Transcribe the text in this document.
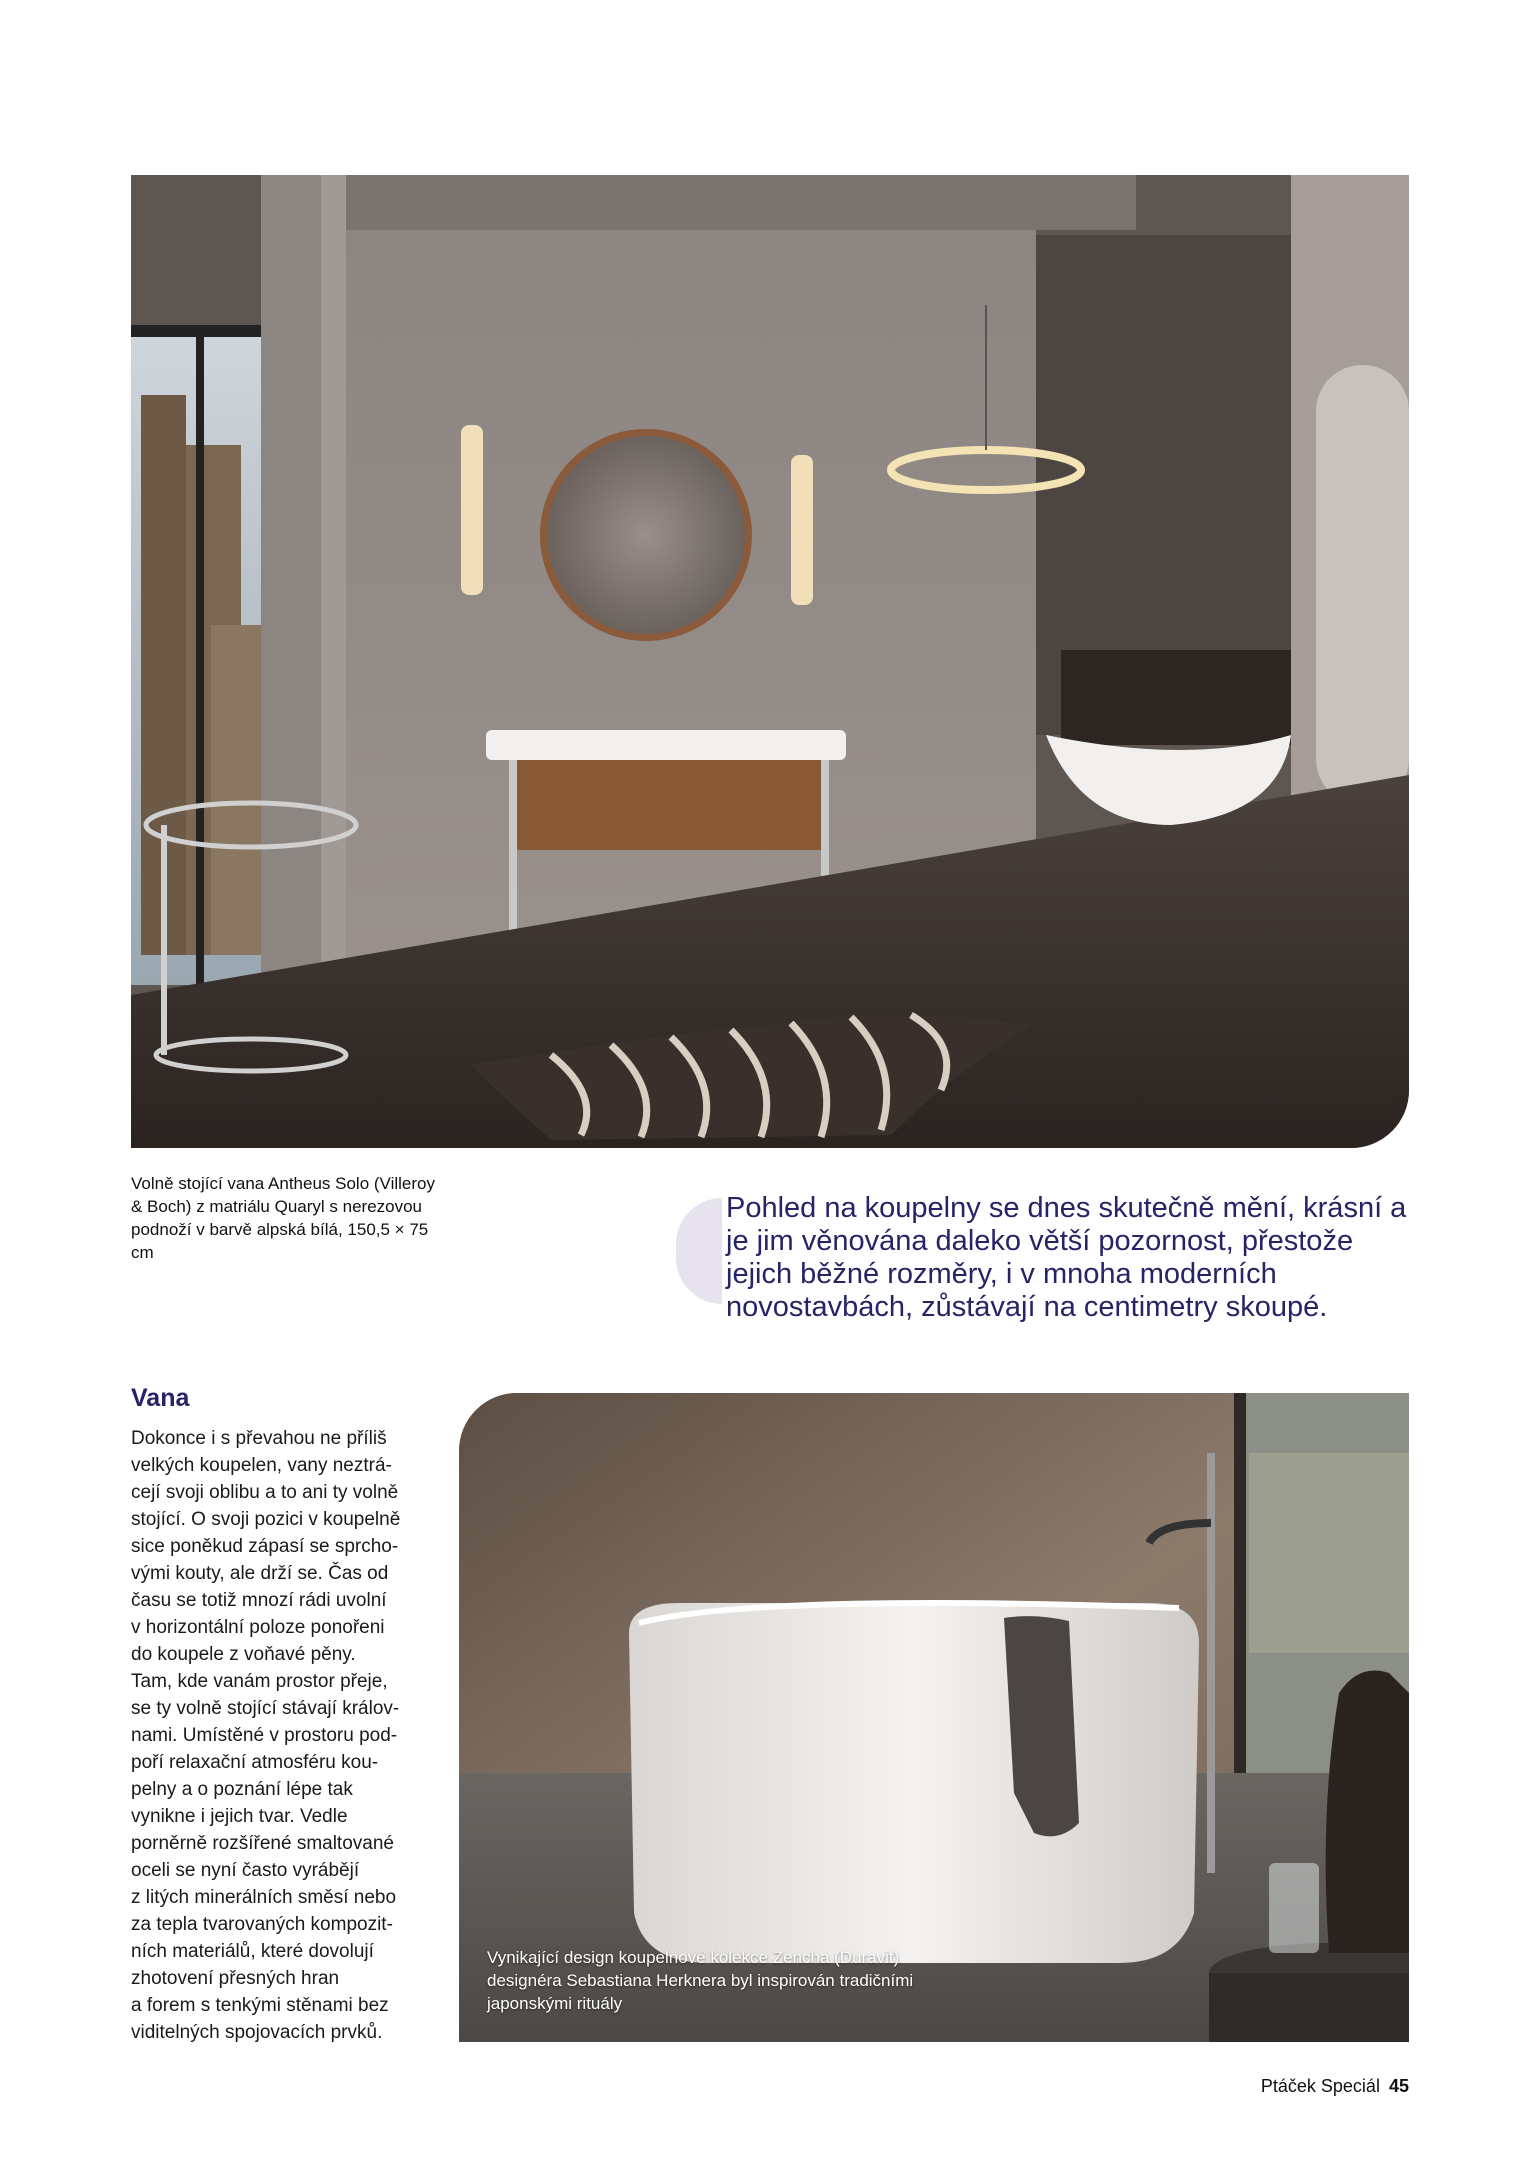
Volně stojící vana Antheus Solo (Villeroy & Boch) z matriálu Quaryl s nerezovou podnoží v barvě alpská bílá, 150,5 × 75 cm
Pohled na koupelny se dnes skutečně mění, krásní a je jim věnována daleko větší pozornost, přestože jejich běžné rozměry, i v mnoha moderních novostavbách, zůstávají na centimetry skoupé.
Vana

Dokonce i s převahou ne příliš
velkých koupelen, vany neztrá-
cejí svoji oblibu a to ani ty volně
stojící. O svoji pozici v koupelně
sice poněkud zápasí se sprcho-
vými kouty, ale drží se. Čas od
času se totiž mnozí rádi uvolní
v horizontální poloze ponořeni
do koupele z voňavé pěny.
Tam, kde vanám prostor přeje,
se ty volně stojící stávají králov-
nami. Umístěné v prostoru pod-
poří relaxační atmosféru kou-
pelny a o poznání lépe tak
vynikne i jejich tvar. Vedle
porněrně rozšířené smaltované
oceli se nyní často vyrábějí
z litých minerálních směsí nebo
za tepla tvarovaných kompozit-
ních materiálů, které dovolují
zhotovení přesných hran
a forem s tenkými stěnami bez
viditelných spojovacích prvků.

Vynikající design koupelnové kolekce Zencha (Duravit) designéra Sebastiana Herknera byl inspirován tradičními japonskými rituály
Ptáček Speciál 45
